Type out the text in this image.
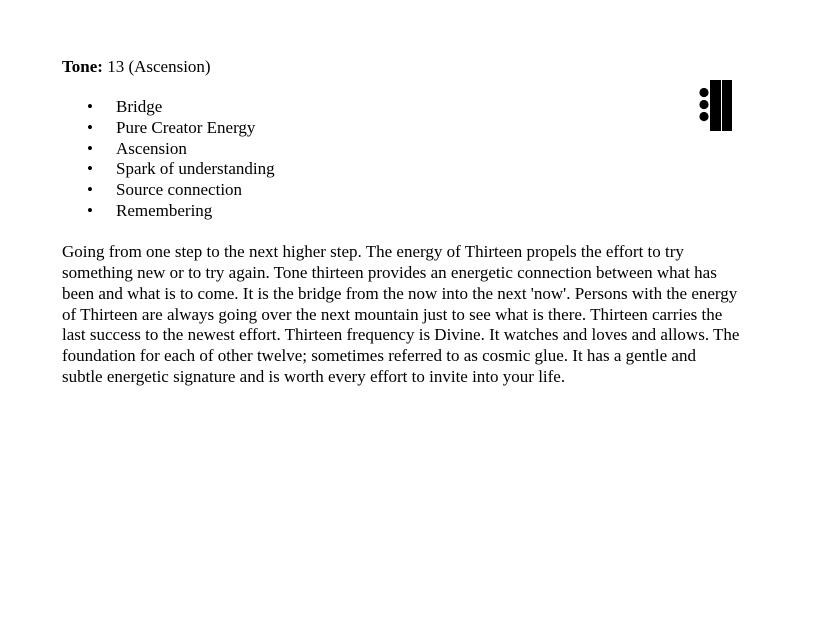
Tone: 13 (Ascension)

• Bridge
• Pure Creator Energy
• Ascension
• Spark of understanding
• Source connection
• Remembering

Going from one step to the next higher step. The energy of Thirteen propels the effort to try something new or to try again. Tone thirteen provides an energetic connection between what has been and what is to come. It is the bridge from the now into the next 'now'. Persons with the energy of Thirteen are always going over the next mountain just to see what is there. Thirteen carries the last success to the newest effort. Thirteen frequency is Divine. It watches and loves and allows. The foundation for each of other twelve; sometimes referred to as cosmic glue. It has a gentle and subtle energetic signature and is worth every effort to invite into your life.
